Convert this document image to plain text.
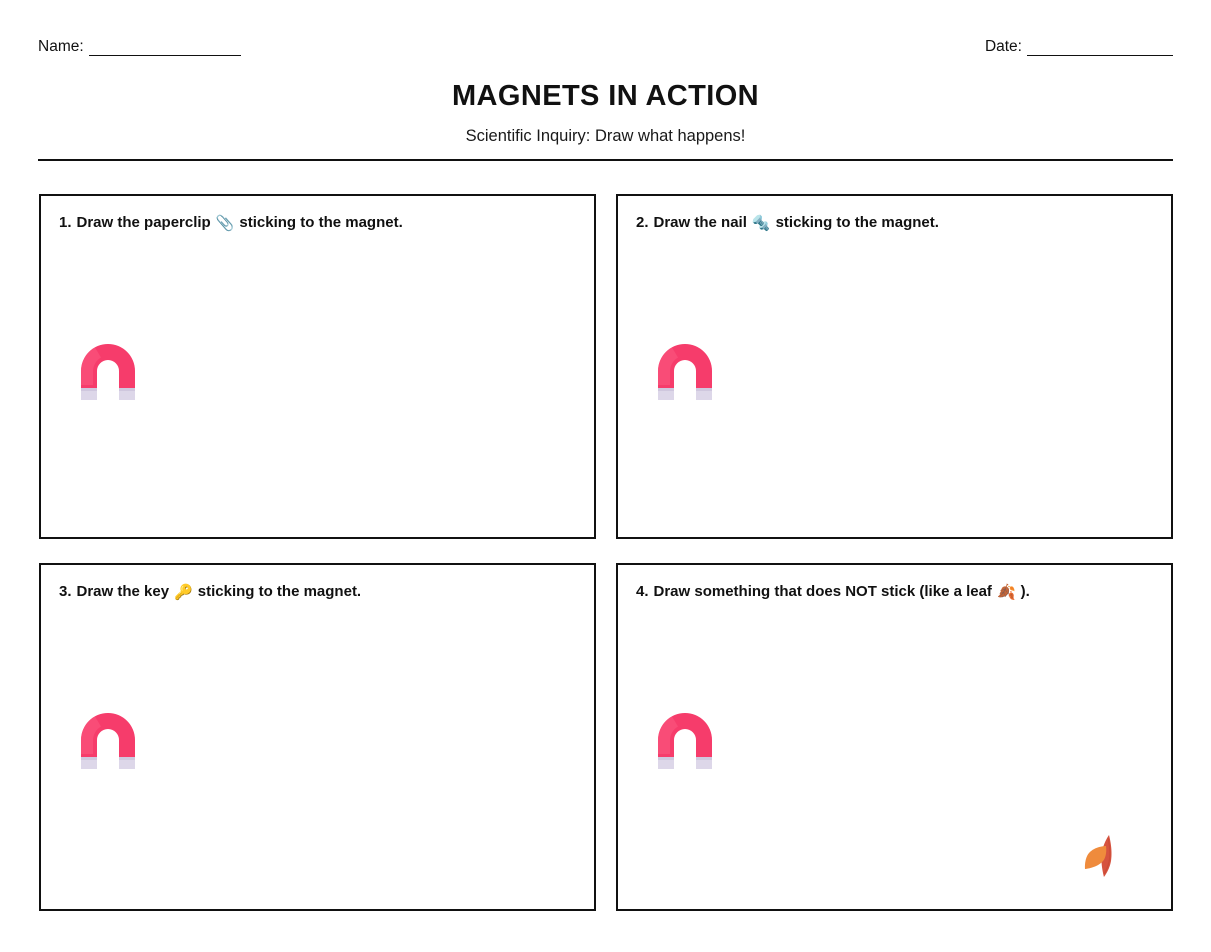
Name:	Date:
MAGNETS IN ACTION
Scientific Inquiry: Draw what happens!
1. Draw the paperclip 📎 sticking to the magnet.	2. Draw the nail 🔩 sticking to the magnet.
3. Draw the key 🔑 sticking to the magnet.	4. Draw something that does NOT stick (like a leaf 🍂 ).
